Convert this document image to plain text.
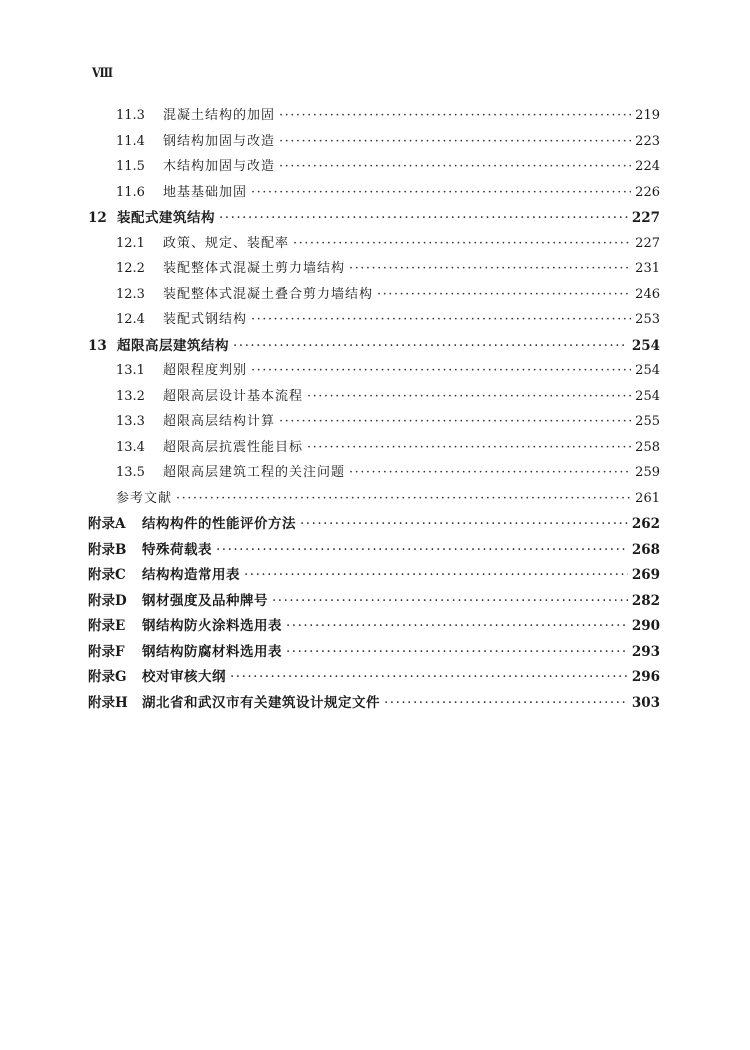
Ⅷ
11.3	混凝土结构的加固 ·····	219
11.4	钢结构加固与改造 ·····	223
11.5	木结构加固与改造 ·····	224
11.6	地基基础加固 ·····	226
12 装配式建筑结构 ·····	227
12.1	政策、规定、装配率 ·····	227
12.2	装配整体式混凝土剪力墙结构 ·····	231
12.3	装配整体式混凝土叠合剪力墙结构 ·····	246
12.4	装配式钢结构 ·····	253
13 超限高层建筑结构 ·····	254
13.1	超限程度判别 ·····	254
13.2	超限高层设计基本流程 ·····	254
13.3	超限高层结构计算 ·····	255
13.4	超限高层抗震性能目标 ·····	258
13.5	超限高层建筑工程的关注问题 ·····	259
参考文献 ·····	261
附录A	结构构件的性能评价方法 ·····	262
附录B	特殊荷载表 ·····	268
附录C	结构构造常用表 ·····	269
附录D	钢材强度及品种牌号 ·····	282
附录E	钢结构防火涂料选用表 ·····	290
附录F	钢结构防腐材料选用表 ·····	293
附录G	校对审核大纲 ·····	296
附录H	湖北省和武汉市有关建筑设计规定文件 ·····	303
